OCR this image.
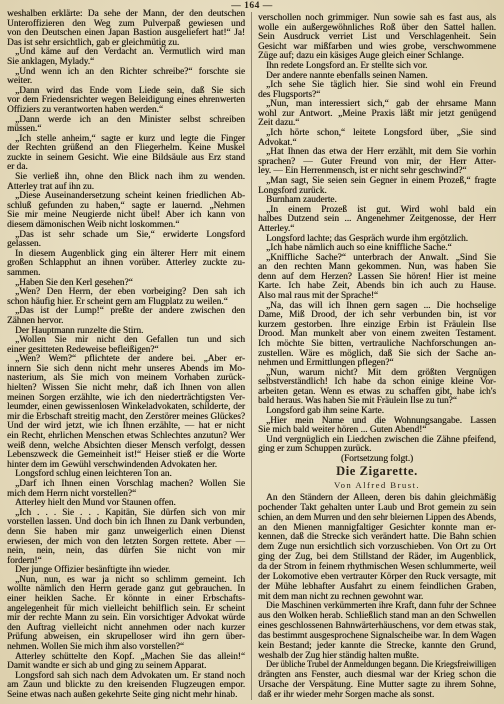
— 164 —
weshalben erklärte: Da sehe der Mann, der den deutschen
Unteroffizieren den Weg zum Pulverpaß gewiesen und
von den Deutschen einen Japan Bastion ausgeliefert hat!“ Ja!
Das ist sehr ersichtlich, gab er gleichmütig zu.
„Und käme auf den Verdacht an. Vermutlich wird man
Sie anklagen, Mylady.“
„Und wenn ich an den Richter schreibe?“ forschte sie
weiter.
„Dann wird das Ende vom Liede sein, daß Sie sich
vor dem Friedensrichter wegen Beleidigung eines ehrenwerten
Offiziers zu verantworten haben werden.“
„Dann werde ich an den Minister selbst schreiben
müssen.“
„Ich stelle anheim,“ sagte er kurz und legte die Finger
der Rechten grüßend an den Fliegerhelm. Keine Muskel
zuckte in seinem Gesicht. Wie eine Bildsäule aus Erz stand
er da.
Sie verließ ihn, ohne den Blick nach ihm zu wenden.
Atterley trat auf ihn zu.
„Diese Auseinandersetzung scheint keinen friedlichen Ab-
schluß gefunden zu haben,“ sagte er lauernd. „Nehmen
Sie mir meine Neugierde nicht übel! Aber ich kann von
diesem dämonischen Weib nicht loskommen.“
„Das ist sehr schade um Sie,“ erwiderte Longsford
gelassen.
In diesem Augenblick ging ein älterer Herr mit einem
großen Schlapphut an ihnen vorüber. Atterley zuckte zu-
sammen.
„Haben Sie den Kerl gesehen?“
„Wen? Den Herrn, der eben vorbeiging? Den sah ich
schon häufig hier. Er scheint gern am Flugplatz zu weilen.“
„Das ist der Lump!“ preßte der andere zwischen den
Zähnen hervor.
Der Hauptmann runzelte die Stirn.
„Wollen Sie mir nicht den Gefallen tun und sich
einer gesitteten Redeweise befleißigen?“
„Wen? Wem?“ pflichtete der andere bei. „Aber er-
innern Sie sich denn nicht mehr unseres Abends im Mo-
nasterium, als Sie mich von meinem Vorhaben zurück-
hielten? Wissen Sie nicht mehr, daß ich Ihnen von allen
meinen Sorgen erzählte, wie ich den niederträchtigsten Ver-
leumder, einen gewissenlosen Winkeladvokaten, schilderte, der
mir die Erbschaft streitig macht, den Zerstörer meines Glückes?
Und der wird jetzt, wie ich Ihnen erzählte, — hat er nicht
ein Recht, ehrlichen Menschen etwas Schlechtes anzutun? Wer
weiß denn, welche Absichten dieser Mensch verfolgt, dessen
Lebenszweck die Gemeinheit ist!“ Heiser stieß er die Worte
hinter dem im Gewühl verschwindenden Advokaten her.
Longsford schlug einen leichteren Ton an.
„Darf ich Ihnen einen Vorschlag machen? Wollen Sie
mich dem Herrn nicht vorstellen?“
Atterley hielt den Mund vor Staunen offen.
„Ich . . . Sie . . . Kapitän, Sie dürfen sich von mir
vorstellen lassen. Und doch bin ich Ihnen zu Dank verbunden,
denn Sie haben mir ganz unweigerlich einen Dienst
erwiesen, der mich von den letzten Sorgen rettete. Aber —
nein, nein, nein, das dürfen Sie nicht von mir
fordern!“
Der junge Offizier besänftigte ihn wieder.
„Nun, nun, es war ja nicht so schlimm gemeint. Ich
wollte nämlich den Herrn gerade ganz gut gebrauchen. In
einer heiklen Sache. Er könnte in einer Erbschafts-
angelegenheit für mich vielleicht behilflich sein. Er scheint
mir der rechte Mann zu sein. Ein vorsichtiger Advokat würde
den Auftrag vielleicht nicht annehmen oder nach kurzer
Prüfung abweisen, ein skrupelloser wird ihn gern über-
nehmen. Wollen Sie mich ihm also vorstellen?“
Atterley schüttelte den Kopf. „Machen Sie das allein!“
Damit wandte er sich ab und ging zu seinem Apparat.
Longsford sah sich nach dem Advokaten um. Er stand noch
am Zaun und blickte zu den kreisenden Flugzeugen empor.
Seine etwas nach außen gekehrte Seite ging nicht mehr hinab.
Die Zigarette.
Von Alfred Brust.
verschollen noch grimmiger. Nun sowie sah es fast aus, als
wolle ein außergewöhnliches Roß über den Sattel hallen.
Sein Ausdruck verriet List und Verschlagenheit. Sein
Gesicht war mißfarben und wies grobe, verschwommene
Züge auf; dazu ein käsiges Auge gleich einer Schlange.
Ihn redete Longsford an. Er stellte sich vor.
Der andere nannte ebenfalls seinen Namen.
„Ich sehe Sie täglich hier. Sie sind wohl ein Freund
des Flugsports?“
„Nun, man interessiert sich,“ gab der ehrsame Mann
wohl zur Antwort. „Meine Praxis läßt mir jetzt genügend
Zeit dazu.“
„Ich hörte schon,“ leitete Longsford über, „Sie sind
Advokat.“
„Hat Ihnen das etwa der Herr erzählt, mit dem Sie vorhin
sprachen? — Guter Freund von mir, der Herr Atter-
ley. — Ein Herrenmensch, ist er nicht sehr geschwind?“
„Man sagt, Sie seien sein Gegner in einem Prozeß,“ fragte
Longsford zurück.
Burnham zauderte.
„In einem Prozeß ist gut. Wird wohl bald ein
halbes Dutzend sein ... Angenehmer Zeitgenosse, der Herr
Atterley.“
Longsford lachte; das Gespräch wurde ihm ergötzlich.
„Ich habe nämlich auch so eine kniffliche Sache.“
„Kniffliche Sache?“ unterbrach der Anwalt. „Sind Sie
an den rechten Mann gekommen. Nun, was haben Sie
denn auf dem Herzen? Lassen Sie hören! Hier ist meine
Karte. Ich habe Zeit, Abends bin ich auch zu Hause.
Also mal raus mit der Sprache!“
„Na, das will ich Ihnen gern sagen ... Die hochselige
Dame, Miß Drood, der ich sehr verbunden bin, ist vor
kurzem gestorben. Ihre einzige Erbin ist Fräulein Ilse
Drood. Man munkelt aber von einem zweiten Testament.
Ich möchte Sie bitten, vertrauliche Nachforschungen an-
zustellen. Wäre es möglich, daß Sie sich der Sache an-
nehmen und Ermittlungen pflegen?“
„Nun, warum nicht? Mit dem größten Vergnügen
selbstverständlich! Ich habe da schon einige kleine Vor-
arbeiten getan. Wenn es etwas zu schaffen gibt, habe ich's
bald heraus. Was haben Sie mit Fräulein Ilse zu tun?“
Longsford gab ihm seine Karte.
„Hier mein Name und die Wohnungsangabe. Lassen
Sie mich bald weiter hören ... Guten Abend!“
Und vergnüglich ein Liedchen zwischen die Zähne pfeifend,
ging er zum Schuppen zurück.
(Fortsetzung folgt.)
An den Ständern der Alleen, deren bis dahin gleichmäßig
pochender Takt gehalten unter Laub und Brot gemein zu sein
schien, an dem Murren und den sehr bleiernen Lippen des Abends,
an den Mienen mannigfaltiger Gesichter konnte man er-
kennen, daß die Strecke sich verändert hatte. Die Bahn schien
dem Zuge nun ersichtlich sich vorzuschieben. Von Ort zu Ort
ging der Zug, bei dem Stillstand der Räder, im Augenblick,
da der Strom in feinem rhythmischen Wesen schlummerte, weil
der Lokomotive eben vertrauter Körper den Ruck versagte, mit
der Mühe lebhafter Ausfahrt zu einem feindlichen Graben,
mit dem man nicht zu rechnen gewohnt war.
Die Maschinen verkümmerten ihre Kraft, dann fuhr der Schnee
aus den Wolken herab. Schließlich stand man an den Schwellen
eines geschlossenen Bahnwärterhäuschens, vor dem etwas stak,
das bestimmt ausgesprochene Signalscheibe war. In dem Wagen
kein Bestand; jeder kannte die Strecke, kannte den Grund,
weshalb der Zug hier ständig halten mußte.
Der übliche Trubel der Anmeldungen begann. Die Kriegsfreiwilligen
drängten ans Fenster, auch diesmal war der Krieg schon die
Ursache der Verspätung. Eine Mutter sagte zu ihrem Sohne,
daß er ihr wieder mehr Sorgen mache als sonst.
